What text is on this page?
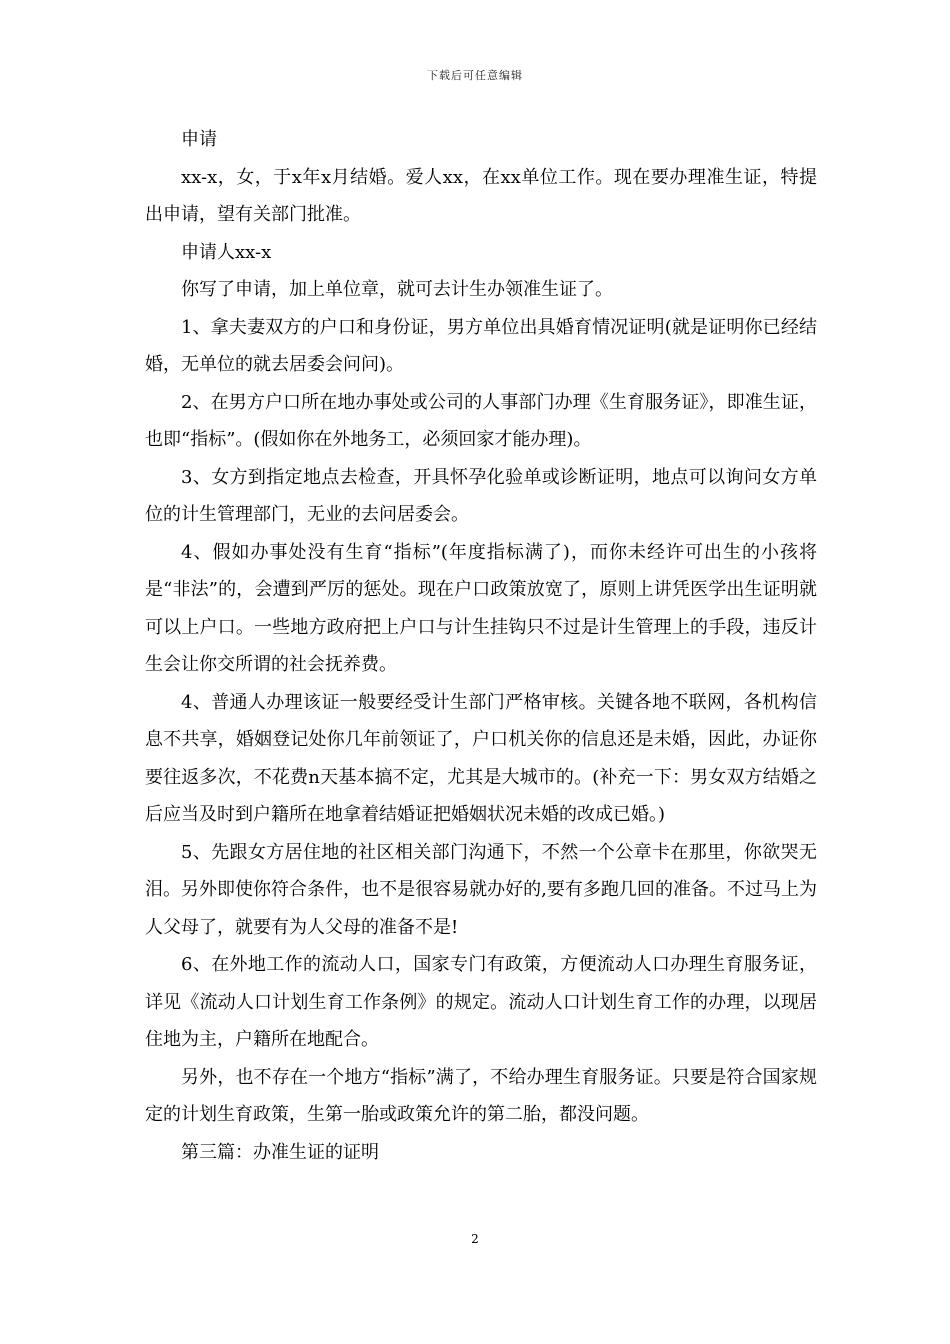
下载后可任意编辑

申请

xx-x，女，于x年x月结婚。爱人xx，在xx单位工作。现在要办理准生证，特提出申请，望有关部门批准。

申请人xx-x

你写了申请，加上单位章，就可去计生办领准生证了。

1、拿夫妻双方的户口和身份证，男方单位出具婚育情况证明(就是证明你已经结婚，无单位的就去居委会问问)。

2、在男方户口所在地办事处或公司的人事部门办理《生育服务证》，即准生证，也即“指标”。(假如你在外地务工，必须回家才能办理)。

3、女方到指定地点去检查，开具怀孕化验单或诊断证明，地点可以询问女方单位的计生管理部门，无业的去问居委会。

4、假如办事处没有生育“指标”(年度指标满了)，而你未经许可出生的小孩将是“非法”的，会遭到严厉的惩处。现在户口政策放宽了，原则上讲凭医学出生证明就可以上户口。一些地方政府把上户口与计生挂钩只不过是计生管理上的手段，违反计生会让你交所谓的社会抚养费。

4、普通人办理该证一般要经受计生部门严格审核。关键各地不联网，各机构信息不共享，婚姻登记处你几年前领证了，户口机关你的信息还是未婚，因此，办证你要往返多次，不花费n天基本搞不定，尤其是大城市的。(补充一下：男女双方结婚之后应当及时到户籍所在地拿着结婚证把婚姻状况未婚的改成已婚。)

5、先跟女方居住地的社区相关部门沟通下，不然一个公章卡在那里，你欲哭无泪。另外即使你符合条件，也不是很容易就办好的,要有多跑几回的准备。不过马上为人父母了，就要有为人父母的准备不是!

6、在外地工作的流动人口，国家专门有政策，方便流动人口办理生育服务证，详见《流动人口计划生育工作条例》的规定。流动人口计划生育工作的办理，以现居住地为主，户籍所在地配合。

另外，也不存在一个地方“指标”满了，不给办理生育服务证。只要是符合国家规定的计划生育政策，生第一胎或政策允许的第二胎，都没问题。

第三篇：办准生证的证明

2
